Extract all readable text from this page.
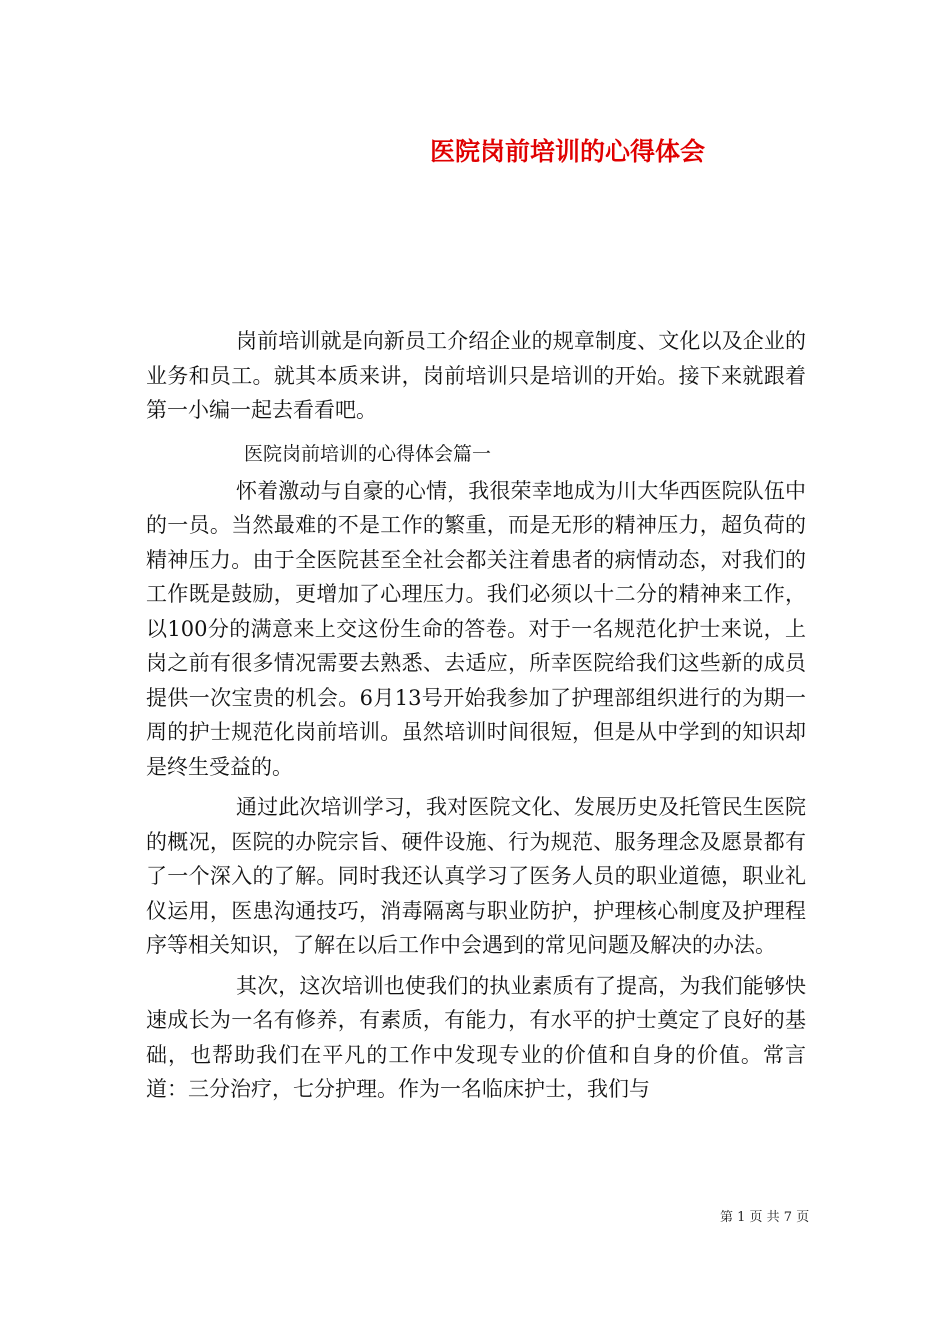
医院岗前培训的心得体会

岗前培训就是向新员工介绍企业的规章制度、文化以及企业的业务和员工。就其本质来讲，岗前培训只是培训的开始。接下来就跟着第一小编一起去看看吧。

医院岗前培训的心得体会篇一

怀着激动与自豪的心情，我很荣幸地成为川大华西医院队伍中的一员。当然最难的不是工作的繁重，而是无形的精神压力，超负荷的精神压力。由于全医院甚至全社会都关注着患者的病情动态，对我们的工作既是鼓励，更增加了心理压力。我们必须以十二分的精神来工作，以100分的满意来上交这份生命的答卷。对于一名规范化护士来说，上岗之前有很多情况需要去熟悉、去适应，所幸医院给我们这些新的成员提供一次宝贵的机会。6月13号开始我参加了护理部组织进行的为期一周的护士规范化岗前培训。虽然培训时间很短，但是从中学到的知识却是终生受益的。

通过此次培训学习，我对医院文化、发展历史及托管民生医院的概况，医院的办院宗旨、硬件设施、行为规范、服务理念及愿景都有了一个深入的了解。同时我还认真学习了医务人员的职业道德，职业礼仪运用，医患沟通技巧，消毒隔离与职业防护，护理核心制度及护理程序等相关知识，了解在以后工作中会遇到的常见问题及解决的办法。

其次，这次培训也使我们的执业素质有了提高，为我们能够快速成长为一名有修养，有素质，有能力，有水平的护士奠定了良好的基础，也帮助我们在平凡的工作中发现专业的价值和自身的价值。常言道：三分治疗，七分护理。作为一名临床护士，我们与

第 1 页 共 7 页
